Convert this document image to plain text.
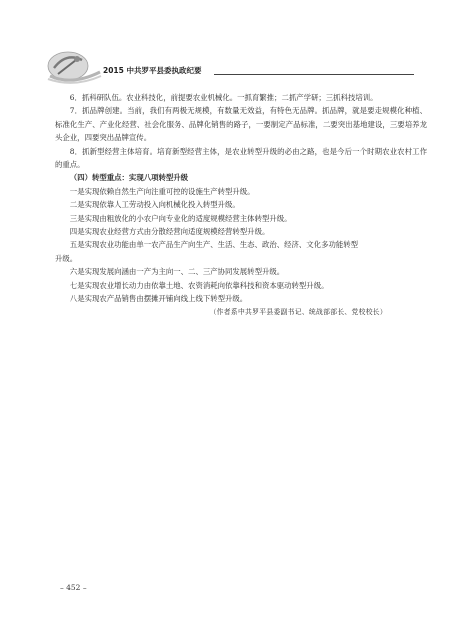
2015 中共罗平县委执政纪要

6．抓科研队伍。农业科技化，前提要农业机械化。一抓育繁推；二抓产学研；三抓科技培训。

7．抓品牌创建。当前，我们有两极无规模，有数量无效益，有特色无品牌。抓品牌，就是要走规模化种植、标准化生产、产业化经营、社会化服务、品牌化销售的路子，一要制定产品标准，二要突出基地建设，三要培养龙头企业，四要突出品牌宣传。

8．抓新型经营主体培育。培育新型经营主体，是农业转型升级的必由之路，也是今后一个时期农业农村工作的重点。

（四）转型重点：实现八项转型升级

一是实现依赖自然生产向注重可控的设施生产转型升级。

二是实现依靠人工劳动投入向机械化投入转型升级。

三是实现由粗放化的小农户向专业化的适度规模经营主体转型升级。

四是实现农业经营方式由分散经营向适度规模经营转型升级。

五是实现农业功能由单一农产品生产向生产、生活、生态、政治、经济、文化多功能转型

升级。

六是实现发展向涵由一产为主向一、二、三产协同发展转型升级。

七是实现农业增长动力由依靠土地、农资消耗向依靠科技和资本驱动转型升级。

八是实现农产品销售由摆摊开铺向线上线下转型升级。

（作者系中共罗平县委副书记、统战部部长、党校校长）

– 452 –
